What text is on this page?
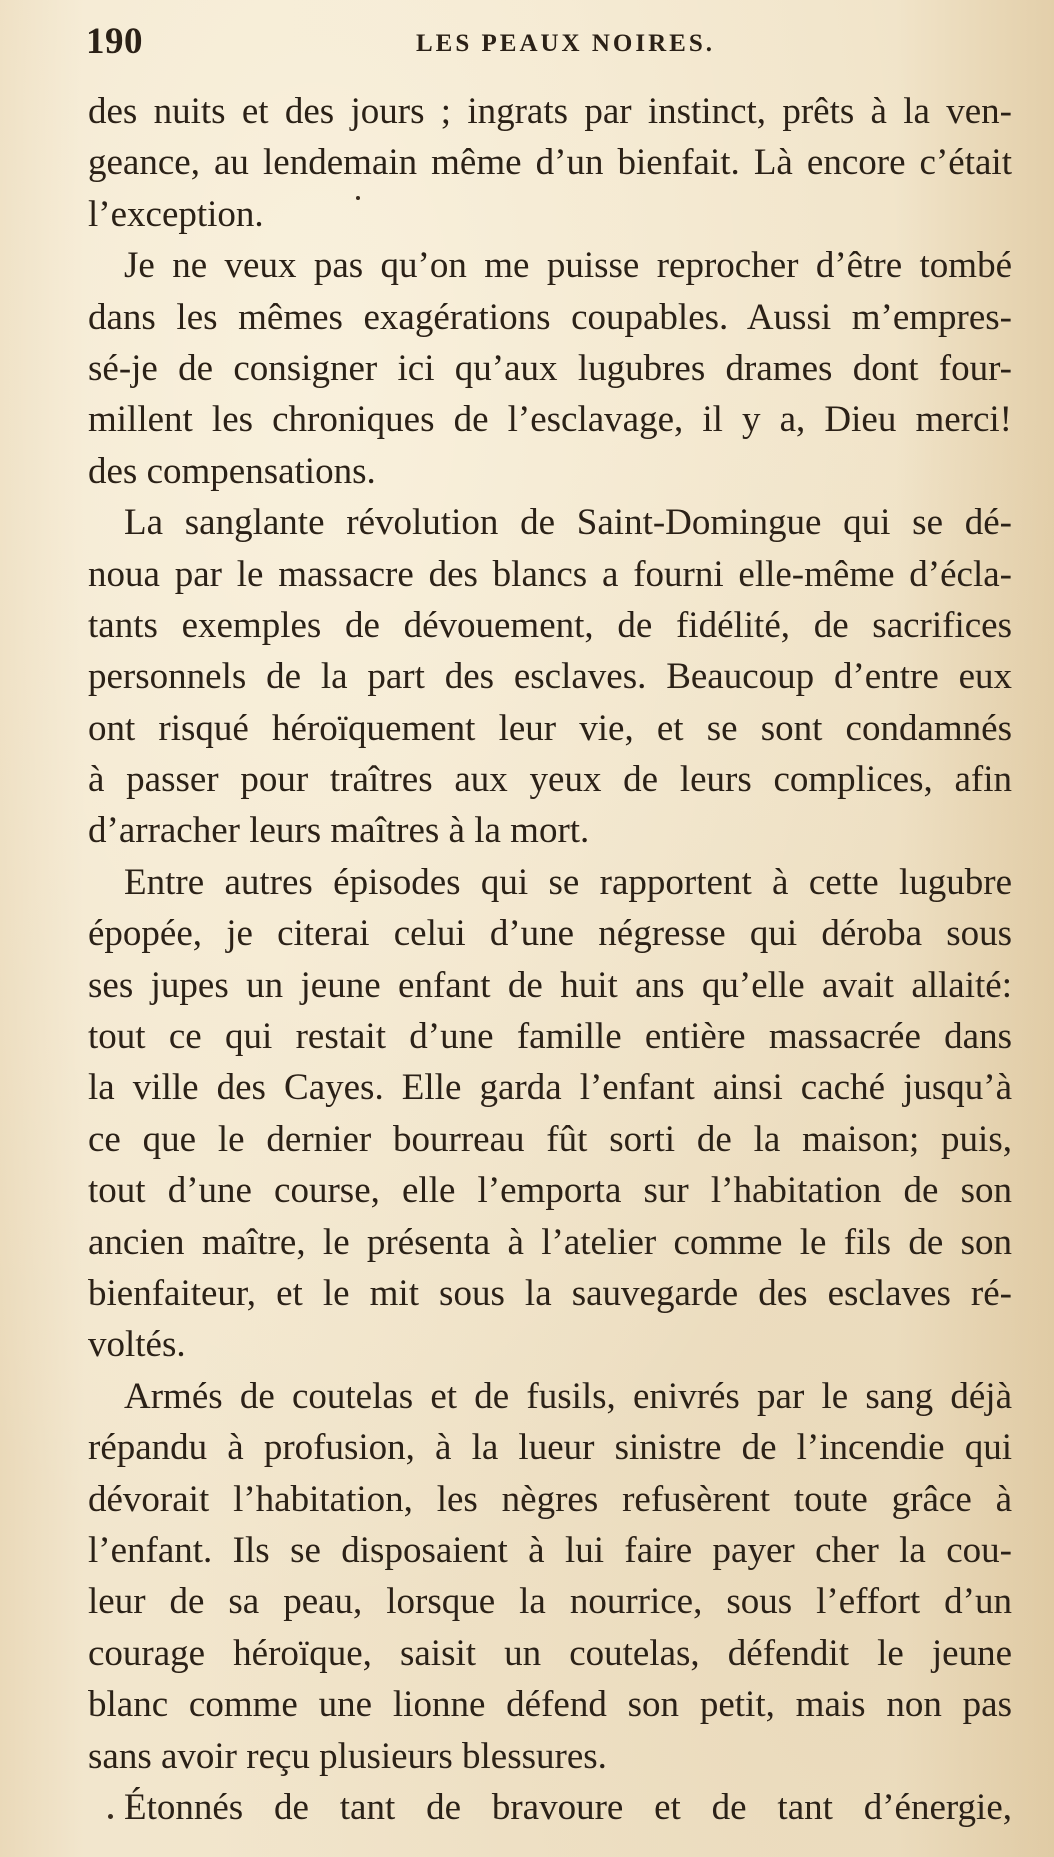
190	LES PEAUX NOIRES.
des nuits et des jours ; ingrats par instinct, prêts à la ven-
geance, au lendemain même d’un bienfait. Là encore c’était
l’exception.
Je ne veux pas qu’on me puisse reprocher d’être tombé
dans les mêmes exagérations coupables. Aussi m’empres-
sé-je de consigner ici qu’aux lugubres drames dont four-
millent les chroniques de l’esclavage, il y a, Dieu merci!
des compensations.
La sanglante révolution de Saint-Domingue qui se dé-
noua par le massacre des blancs a fourni elle-même d’écla-
tants exemples de dévouement, de fidélité, de sacrifices
personnels de la part des esclaves. Beaucoup d’entre eux
ont risqué héroïquement leur vie, et se sont condamnés
à passer pour traîtres aux yeux de leurs complices, afin
d’arracher leurs maîtres à la mort.
Entre autres épisodes qui se rapportent à cette lugubre
épopée, je citerai celui d’une négresse qui déroba sous
ses jupes un jeune enfant de huit ans qu’elle avait allaité:
tout ce qui restait d’une famille entière massacrée dans
la ville des Cayes. Elle garda l’enfant ainsi caché jusqu’à
ce que le dernier bourreau fût sorti de la maison; puis,
tout d’une course, elle l’emporta sur l’habitation de son
ancien maître, le présenta à l’atelier comme le fils de son
bienfaiteur, et le mit sous la sauvegarde des esclaves ré-
voltés.
Armés de coutelas et de fusils, enivrés par le sang déjà
répandu à profusion, à la lueur sinistre de l’incendie qui
dévorait l’habitation, les nègres refusèrent toute grâce à
l’enfant. Ils se disposaient à lui faire payer cher la cou-
leur de sa peau, lorsque la nourrice, sous l’effort d’un
courage héroïque, saisit un coutelas, défendit le jeune
blanc comme une lionne défend son petit, mais non pas
sans avoir reçu plusieurs blessures.
Étonnés de tant de bravoure et de tant d’énergie,
